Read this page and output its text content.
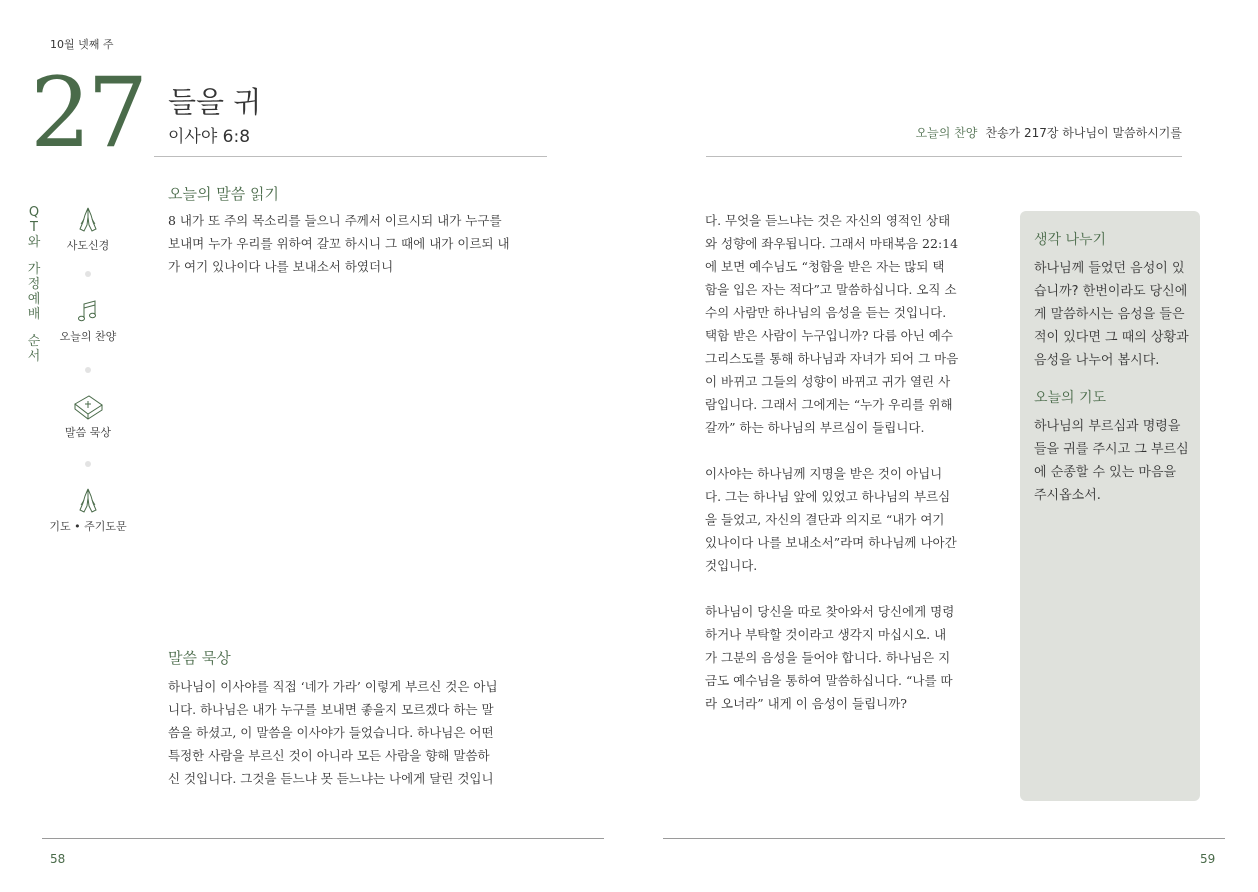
10월 넷째 주
27 들을 귀
이사야 6:8
Q
T
와
가
정
예
배
순
서
사도신경
오늘의 찬양
말씀 묵상
기도 • 주기도문
오늘의 말씀 읽기
8 내가 또 주의 목소리를 들으니 주께서 이르시되 내가 누구를
보내며 누가 우리를 위하여 갈꼬 하시니 그 때에 내가 이르되 내
가 여기 있나이다 나를 보내소서 하였더니
말씀 묵상
하나님이 이사야를 직접 ‘네가 가라’ 이렇게 부르신 것은 아닙
니다. 하나님은 내가 누구를 보내면 좋을지 모르겠다 하는 말
씀을 하셨고, 이 말씀을 이사야가 들었습니다. 하나님은 어떤
특정한 사람을 부르신 것이 아니라 모든 사람을 향해 말씀하
신 것입니다. 그것을 듣느냐 못 듣느냐는 나에게 달린 것입니
오늘의 찬양 찬송가 217장 하나님이 말씀하시기를
다. 무엇을 듣느냐는 것은 자신의 영적인 상태
와 성향에 좌우됩니다. 그래서 마태복음 22:14
에 보면 예수님도 “청함을 받은 자는 많되 택
함을 입은 자는 적다”고 말씀하십니다. 오직 소
수의 사람만 하나님의 음성을 듣는 것입니다.
택함 받은 사람이 누구입니까? 다름 아닌 예수
그리스도를 통해 하나님과 자녀가 되어 그 마음
이 바뀌고 그들의 성향이 바뀌고 귀가 열린 사
람입니다. 그래서 그에게는 “누가 우리를 위해
갈까” 하는 하나님의 부르심이 들립니다.
이사야는 하나님께 지명을 받은 것이 아닙니
다. 그는 하나님 앞에 있었고 하나님의 부르심
을 들었고, 자신의 결단과 의지로 “내가 여기
있나이다 나를 보내소서”라며 하나님께 나아간
것입니다.
하나님이 당신을 따로 찾아와서 당신에게 명령
하거나 부탁할 것이라고 생각지 마십시오. 내
가 그분의 음성을 들어야 합니다. 하나님은 지
금도 예수님을 통하여 말씀하십니다. “나를 따
라 오너라” 내게 이 음성이 들립니까?
생각 나누기
하나님께 들었던 음성이 있
습니까? 한번이라도 당신에
게 말씀하시는 음성을 들은
적이 있다면 그 때의 상황과
음성을 나누어 봅시다.
오늘의 기도
하나님의 부르심과 명령을
들을 귀를 주시고 그 부르심
에 순종할 수 있는 마음을
주시옵소서.
58	59
